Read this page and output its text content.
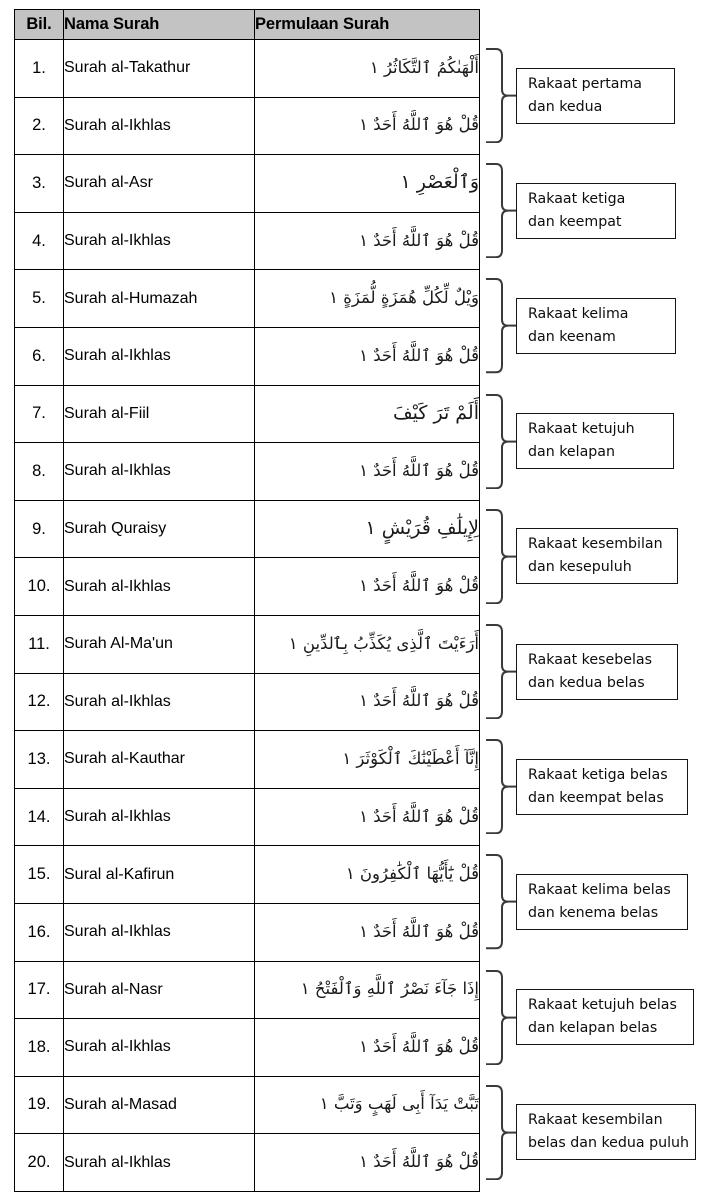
Bil.	Nama Surah	Permulaan Surah
1.	Surah al-Takathur	أَلْهَىٰكُمُ ٱلتَّكَاثُرُ ١
2.	Surah al-Ikhlas	قُلْ هُوَ ٱللَّهُ أَحَدٌ ١
3.	Surah al-Asr	وَٱلْعَصْرِ ١
4.	Surah al-Ikhlas	قُلْ هُوَ ٱللَّهُ أَحَدٌ ١
5.	Surah al-Humazah	وَيْلٌ لِّكُلِّ هُمَزَةٍ لُّمَزَةٍ ١
6.	Surah al-Ikhlas	قُلْ هُوَ ٱللَّهُ أَحَدٌ ١
7.	Surah al-Fiil	أَلَمْ تَرَ كَيْفَ
8.	Surah al-Ikhlas	قُلْ هُوَ ٱللَّهُ أَحَدٌ ١
9.	Surah Quraisy	لِإِيلَٰفِ قُرَيْشٍ ١
10.	Surah al-Ikhlas	قُلْ هُوَ ٱللَّهُ أَحَدٌ ١
11.	Surah Al-Ma'un	أَرَءَيْتَ ٱلَّذِى يُكَذِّبُ بِٱلدِّينِ ١
12.	Surah al-Ikhlas	قُلْ هُوَ ٱللَّهُ أَحَدٌ ١
13.	Surah al-Kauthar	إِنَّآ أَعْطَيْنَٰكَ ٱلْكَوْثَرَ ١
14.	Surah al-Ikhlas	قُلْ هُوَ ٱللَّهُ أَحَدٌ ١
15.	Sural al-Kafirun	قُلْ يَٰٓأَيُّهَا ٱلْكَٰفِرُونَ ١
16.	Surah al-Ikhlas	قُلْ هُوَ ٱللَّهُ أَحَدٌ ١
17.	Surah al-Nasr	إِذَا جَآءَ نَصْرُ ٱللَّهِ وَٱلْفَتْحُ ١
18.	Surah al-Ikhlas	قُلْ هُوَ ٱللَّهُ أَحَدٌ ١
19.	Surah al-Masad	تَبَّتْ يَدَآ أَبِى لَهَبٍ وَتَبَّ ١
20.	Surah al-Ikhlas	قُلْ هُوَ ٱللَّهُ أَحَدٌ ١
Rakaat pertama
dan kedua
Rakaat ketiga
dan keempat
Rakaat kelima
dan keenam
Rakaat ketujuh
dan kelapan
Rakaat kesembilan
dan kesepuluh
Rakaat kesebelas
dan kedua belas
Rakaat ketiga belas
dan keempat belas
Rakaat kelima belas
dan kenema belas
Rakaat ketujuh belas
dan kelapan belas
Rakaat kesembilan
belas dan kedua puluh
